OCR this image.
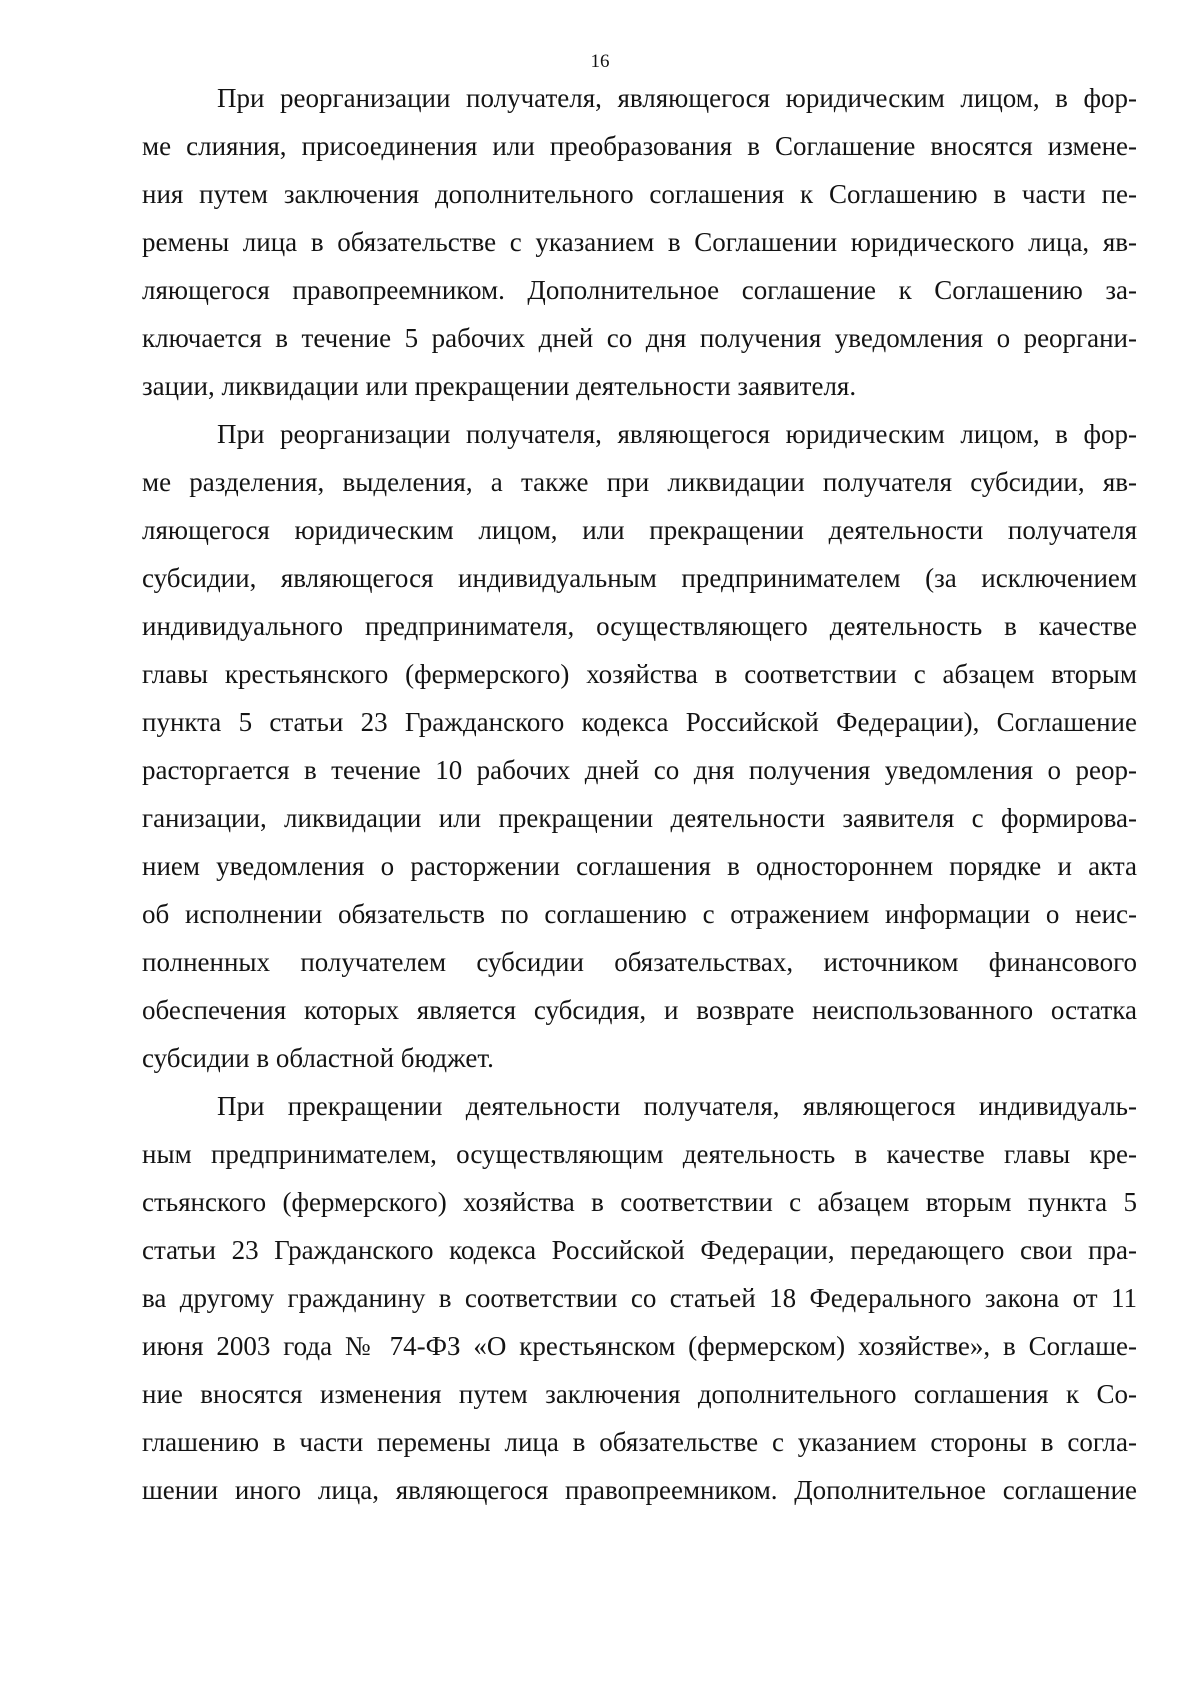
16

При реорганизации получателя, являющегося юридическим лицом, в фор-
ме слияния, присоединения или преобразования в Соглашение вносятся измене-
ния путем заключения дополнительного соглашения к Соглашению в части пе-
ремены лица в обязательстве с указанием в Соглашении юридического лица, яв-
ляющегося правопреемником. Дополнительное соглашение к Соглашению за-
ключается в течение 5 рабочих дней со дня получения уведомления о реоргани-
зации, ликвидации или прекращении деятельности заявителя.

При реорганизации получателя, являющегося юридическим лицом, в фор-
ме разделения, выделения, а также при ликвидации получателя субсидии, яв-
ляющегося юридическим лицом, или прекращении деятельности получателя
субсидии, являющегося индивидуальным предпринимателем (за исключением
индивидуального предпринимателя, осуществляющего деятельность в качестве
главы крестьянского (фермерского) хозяйства в соответствии с абзацем вторым
пункта 5 статьи 23 Гражданского кодекса Российской Федерации), Соглашение
расторгается в течение 10 рабочих дней со дня получения уведомления о реор-
ганизации, ликвидации или прекращении деятельности заявителя с формирова-
нием уведомления о расторжении соглашения в одностороннем порядке и акта
об исполнении обязательств по соглашению с отражением информации о неис-
полненных получателем субсидии обязательствах, источником финансового
обеспечения которых является субсидия, и возврате неиспользованного остатка
субсидии в областной бюджет.

При прекращении деятельности получателя, являющегося индивидуаль-
ным предпринимателем, осуществляющим деятельность в качестве главы кре-
стьянского (фермерского) хозяйства в соответствии с абзацем вторым пункта 5
статьи 23 Гражданского кодекса Российской Федерации, передающего свои пра-
ва другому гражданину в соответствии со статьей 18 Федерального закона от 11
июня 2003 года № 74-ФЗ «О крестьянском (фермерском) хозяйстве», в Соглаше-
ние вносятся изменения путем заключения дополнительного соглашения к Со-
глашению в части перемены лица в обязательстве с указанием стороны в согла-
шении иного лица, являющегося правопреемником. Дополнительное соглашение
